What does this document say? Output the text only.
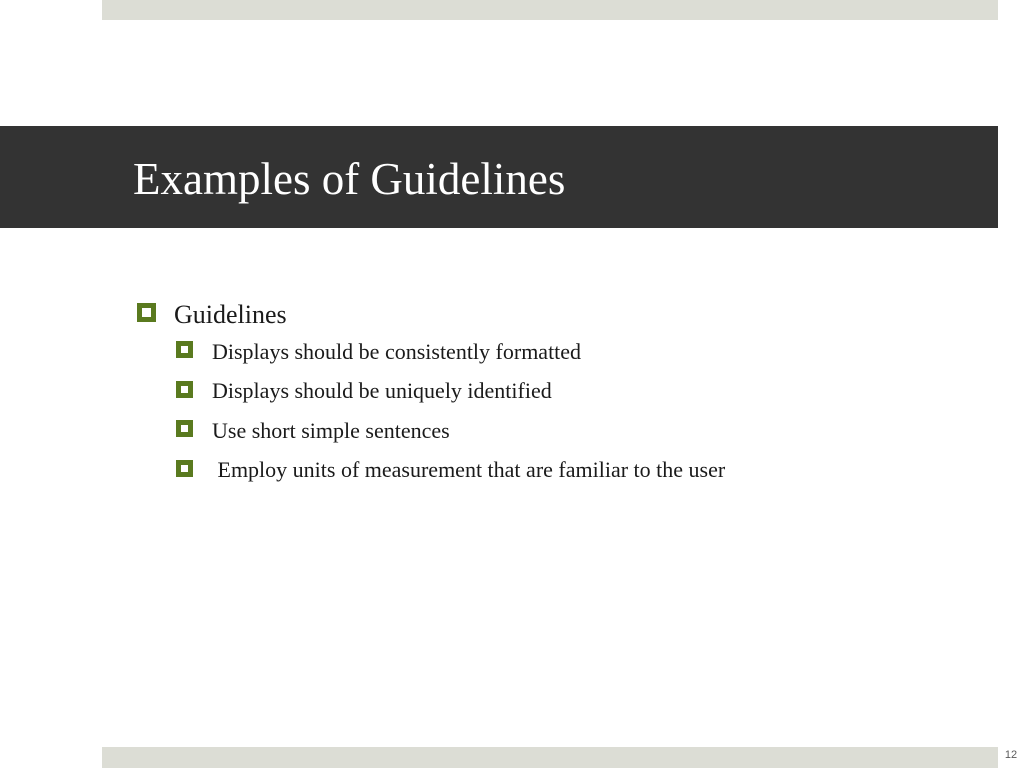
Examples of Guidelines
Guidelines
Displays should be consistently formatted
Displays should be uniquely identified
Use short simple sentences
Employ units of measurement that are familiar to the user
12
